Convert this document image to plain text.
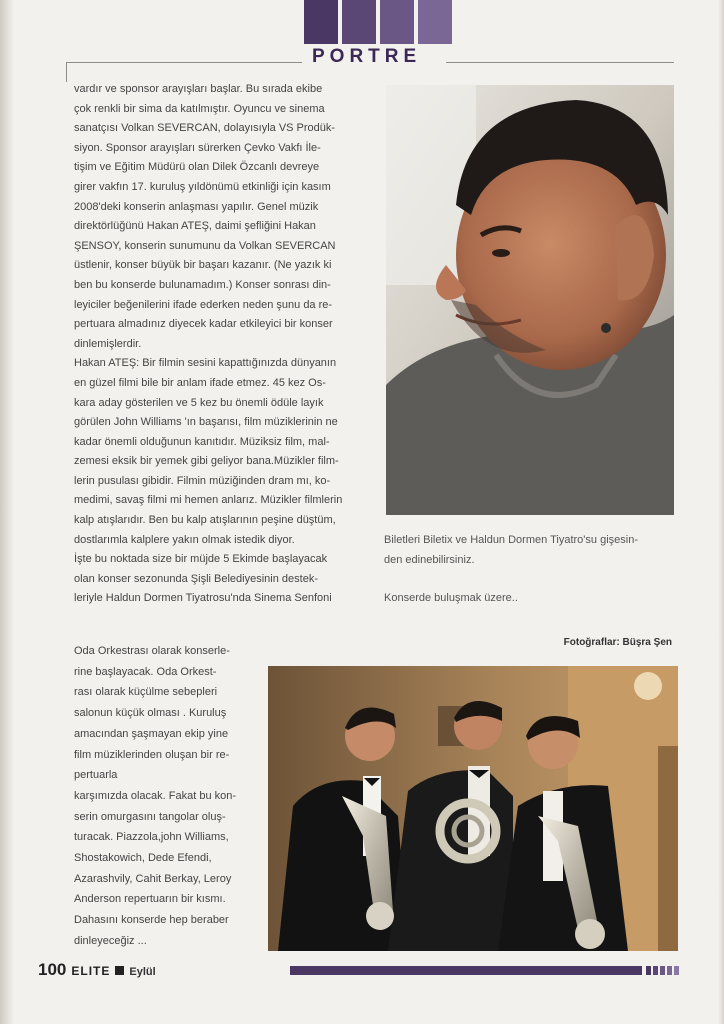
PORTRE

vardır ve sponsor arayışları başlar. Bu sırada ekibe

çok renkli bir sima da katılmıştır. Oyuncu ve sinema

sanatçısı Volkan SEVERCAN, dolayısıyla VS Prodük-

siyon. Sponsor arayışları sürerken Çevko Vakfı İle-

tişim ve Eğitim Müdürü olan Dilek Özcanlı devreye

girer vakfın 17. kuruluş yıldönümü etkinliği için kasım

2008'deki konserin anlaşması yapılır. Genel müzik

direktörlüğünü Hakan ATEŞ, daimi şefliğini Hakan

ŞENSOY, konserin sunumunu da Volkan SEVERCAN

üstlenir, konser büyük bir başarı kazanır. (Ne yazık ki

ben bu konserde bulunamadım.) Konser sonrası din-

leyiciler beğenilerini ifade ederken neden şunu da re-

pertuara almadınız diyecek kadar etkileyici bir konser

dinlemişlerdir.

Hakan ATEŞ: Bir filmin sesini kapattığınızda dünyanın

en güzel filmi bile bir anlam ifade etmez. 45 kez Os-

kara aday gösterilen ve 5 kez bu önemli ödüle layık

görülen John Williams 'ın başarısı, film müziklerinin ne

kadar önemli olduğunun kanıtıdır. Müziksiz film, mal-

zemesi eksik bir yemek gibi geliyor bana.Müzikler film-

lerin pusulası gibidir. Filmin müziğinden dram mı, ko-

medimi, savaş filmi mi hemen anlarız. Müzikler filmlerin

kalp atışlarıdır. Ben bu kalp atışlarının peşine düştüm,

dostlarımla kalplere yakın olmak istedik diyor.

İşte bu noktada size bir müjde 5 Ekimde başlayacak

olan konser sezonunda Şişli Belediyesinin destek-

leriyle Haldun Dormen Tiyatrosu'nda Sinema Senfoni

Oda Orkestrası olarak konserle-

rine başlayacak. Oda Orkest-

rası olarak küçülme sebepleri

salonun küçük olması . Kuruluş

amacından şaşmayan ekip yine

film müziklerinden oluşan bir re-

pertuarla

karşımızda olacak. Fakat bu kon-

serin omurgasını tangolar oluş-

turacak. Piazzola,john Williams,

Shostakowich, Dede Efendi,

Azarashvily, Cahit Berkay, Leroy

Anderson repertuarın bir kısmı.

Dahasını konserde hep beraber

dinleyeceğiz ...

Biletleri Biletix ve Haldun Dormen Tiyatro'su gişesin-

den edinebilirsiniz.

Konserde buluşmak üzere..

Fotoğraflar: Büşra Şen
100 ELITE Eylül
